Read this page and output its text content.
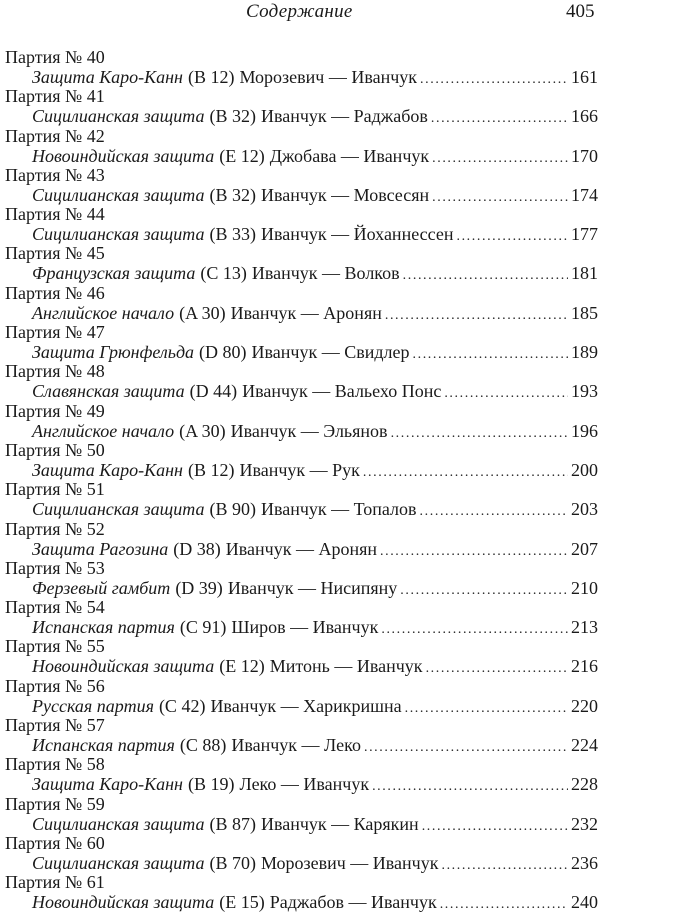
Содержание	405
Партия № 40
Защита Каро-Канн (B 12) Морозевич — Иванчук .....	161
Партия № 41
Сицилианская защита (B 32) Иванчук — Раджабов .....	166
Партия № 42
Новоиндийская защита (E 12) Джобава — Иванчук .....	170
Партия № 43
Сицилианская защита (B 32) Иванчук — Мовсесян .....	174
Партия № 44
Сицилианская защита (B 33) Иванчук — Йоханнессен .....	177
Партия № 45
Французская защита (C 13) Иванчук — Волков .....	181
Партия № 46
Английское начало (A 30) Иванчук — Аронян .....	185
Партия № 47
Защита Грюнфельда (D 80) Иванчук — Свидлер .....	189
Партия № 48
Славянская защита (D 44) Иванчук — Вальехо Понс .....	193
Партия № 49
Английское начало (A 30) Иванчук — Эльянов .....	196
Партия № 50
Защита Каро-Канн (B 12) Иванчук — Рук .....	200
Партия № 51
Сицилианская защита (B 90) Иванчук — Топалов .....	203
Партия № 52
Защита Рагозина (D 38) Иванчук — Аронян .....	207
Партия № 53
Ферзевый гамбит (D 39) Иванчук — Нисипяну .....	210
Партия № 54
Испанская партия (C 91) Широв — Иванчук .....	213
Партия № 55
Новоиндийская защита (E 12) Митонь — Иванчук .....	216
Партия № 56
Русская партия (C 42) Иванчук — Харикришна .....	220
Партия № 57
Испанская партия (C 88) Иванчук — Леко .....	224
Партия № 58
Защита Каро-Канн (B 19) Леко — Иванчук .....	228
Партия № 59
Сицилианская защита (B 87) Иванчук — Карякин .....	232
Партия № 60
Сицилианская защита (B 70) Морозевич — Иванчук .....	236
Партия № 61
Новоиндийская защита (E 15) Раджабов — Иванчук .....	240
